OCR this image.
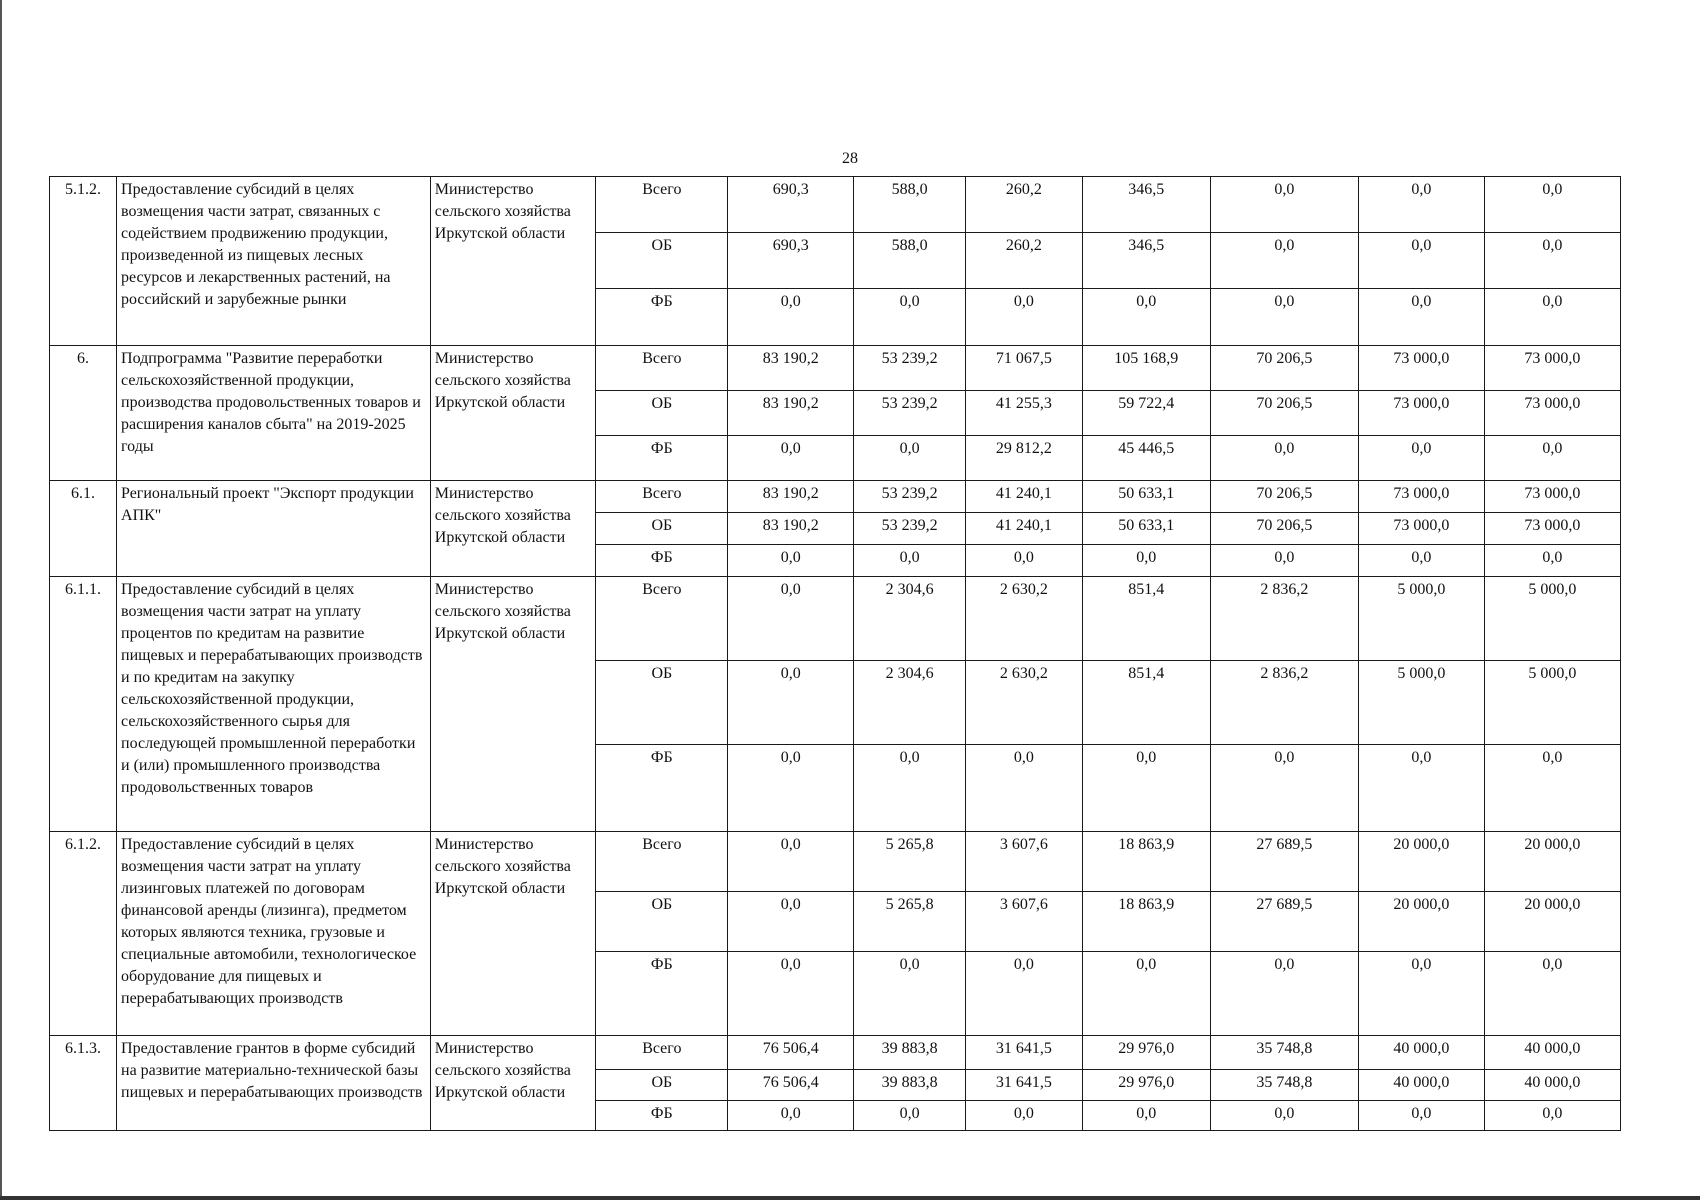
28
5.1.2.	Предоставление субсидий в целях возмещения части затрат, связанных с содействием продвижению продукции, произведенной из пищевых лесных ресурсов и лекарственных растений, на российский и зарубежные рынки	Министерство сельского хозяйства Иркутской области	Всего	690,3	588,0	260,2	346,5	0,0	0,0	0,0
			ОБ	690,3	588,0	260,2	346,5	0,0	0,0	0,0
			ФБ	0,0	0,0	0,0	0,0	0,0	0,0	0,0
6.	Подпрограмма "Развитие переработки сельскохозяйственной продукции, производства продовольственных товаров и расширения каналов сбыта" на 2019-2025 годы	Министерство сельского хозяйства Иркутской области	Всего	83 190,2	53 239,2	71 067,5	105 168,9	70 206,5	73 000,0	73 000,0
			ОБ	83 190,2	53 239,2	41 255,3	59 722,4	70 206,5	73 000,0	73 000,0
			ФБ	0,0	0,0	29 812,2	45 446,5	0,0	0,0	0,0
6.1.	Региональный проект "Экспорт продукции АПК"	Министерство сельского хозяйства Иркутской области	Всего	83 190,2	53 239,2	41 240,1	50 633,1	70 206,5	73 000,0	73 000,0
			ОБ	83 190,2	53 239,2	41 240,1	50 633,1	70 206,5	73 000,0	73 000,0
			ФБ	0,0	0,0	0,0	0,0	0,0	0,0	0,0
6.1.1.	Предоставление субсидий в целях возмещения части затрат на уплату процентов по кредитам на развитие пищевых и перерабатывающих производств и по кредитам на закупку сельскохозяйственной продукции, сельскохозяйственного сырья для последующей промышленной переработки и (или) промышленного производства продовольственных товаров	Министерство сельского хозяйства Иркутской области	Всего	0,0	2 304,6	2 630,2	851,4	2 836,2	5 000,0	5 000,0
			ОБ	0,0	2 304,6	2 630,2	851,4	2 836,2	5 000,0	5 000,0
			ФБ	0,0	0,0	0,0	0,0	0,0	0,0	0,0
6.1.2.	Предоставление субсидий в целях возмещения части затрат на уплату лизинговых платежей по договорам финансовой аренды (лизинга), предметом которых являются техника, грузовые и специальные автомобили, технологическое оборудование для пищевых и перерабатывающих производств	Министерство сельского хозяйства Иркутской области	Всего	0,0	5 265,8	3 607,6	18 863,9	27 689,5	20 000,0	20 000,0
			ОБ	0,0	5 265,8	3 607,6	18 863,9	27 689,5	20 000,0	20 000,0
			ФБ	0,0	0,0	0,0	0,0	0,0	0,0	0,0
6.1.3.	Предоставление грантов в форме субсидий на развитие материально-технической базы пищевых и перерабатывающих производств	Министерство сельского хозяйства Иркутской области	Всего	76 506,4	39 883,8	31 641,5	29 976,0	35 748,8	40 000,0	40 000,0
			ОБ	76 506,4	39 883,8	31 641,5	29 976,0	35 748,8	40 000,0	40 000,0
			ФБ	0,0	0,0	0,0	0,0	0,0	0,0	0,0
